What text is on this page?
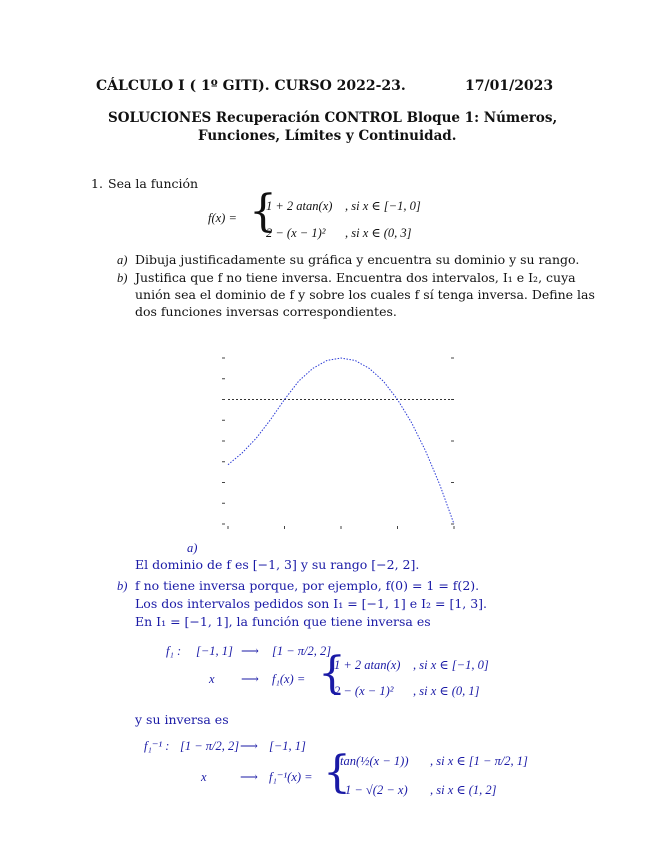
CÁLCULO I ( 1º GITI). CURSO 2022-23.	17/01/2023
SOLUCIONES Recuperación CONTROL Bloque 1: Números,
Funciones, Límites y Continuidad.
1. Sea la función
f(x) = {
1 + 2 atan(x) , si x ∈ [−1, 0]
2 − (x − 1)² , si x ∈ (0, 3]
a) Dibuja justificadamente su gráfica y encuentra su dominio y su rango.
b) Justifica que f no tiene inversa. Encuentra dos intervalos, I₁ e I₂, cuya
unión sea el dominio de f y sobre los cuales f sí tenga inversa. Define las
dos funciones inversas correspondientes.
a)
El dominio de f es [−1, 3] y su rango [−2, 2].
b) f no tiene inversa porque, por ejemplo, f(0) = 1 = f(2).
Los dos intervalos pedidos son I₁ = [−1, 1] e I₂ = [1, 3].
En I₁ = [−1, 1], la función que tiene inversa es
f₁ : [−1, 1] ⟶ [1 − π/2, 2]
x ⟶ f₁(x) = {
1 + 2 atan(x) , si x ∈ [−1, 0]
2 − (x − 1)² , si x ∈ (0, 1]
y su inversa es
f₁⁻¹ : [1 − π/2, 2] ⟶ [−1, 1]
x	⟶ f₁⁻¹(x) = {
tan(½(x − 1)) , si x ∈ [1 − π/2, 1]
1 − √(2 − x) , si x ∈ (1, 2]
